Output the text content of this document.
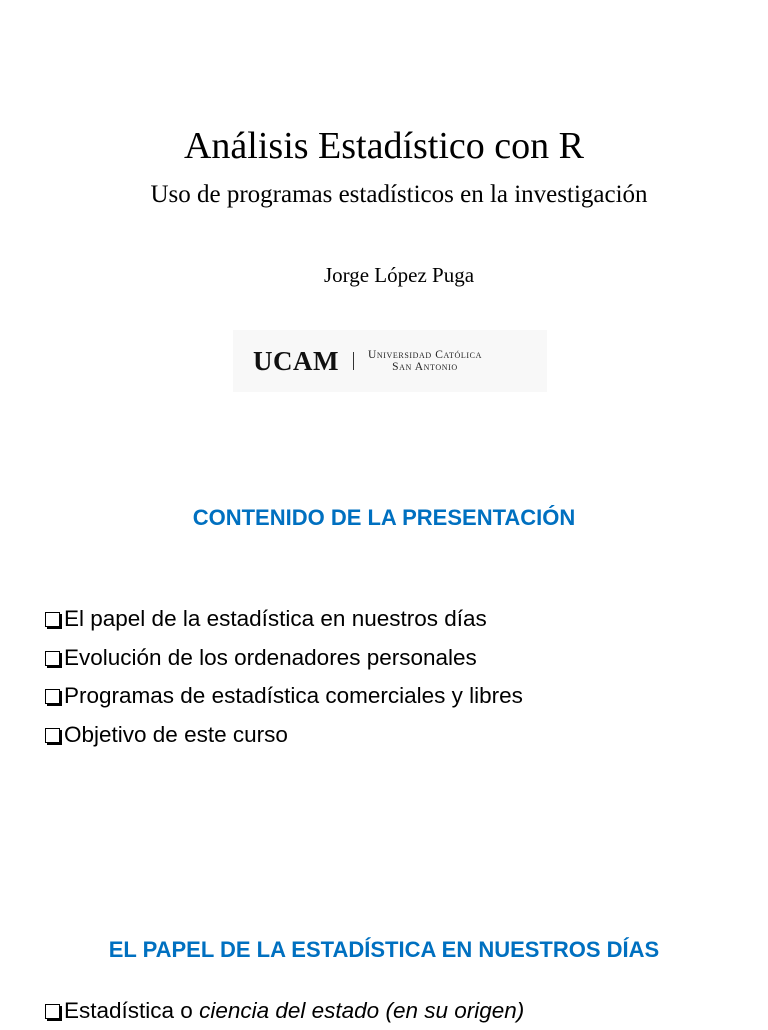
Análisis Estadístico con R
Uso de programas estadísticos en la investigación
Jorge López Puga
UCAM	Universidad Católica
San Antonio
CONTENIDO DE LA PRESENTACIÓN
El papel de la estadística en nuestros días
Evolución de los ordenadores personales
Programas de estadística comerciales y libres
Objetivo de este curso
EL PAPEL DE LA ESTADÍSTICA EN NUESTROS DÍAS
Estadística o ciencia del estado (en su origen)
